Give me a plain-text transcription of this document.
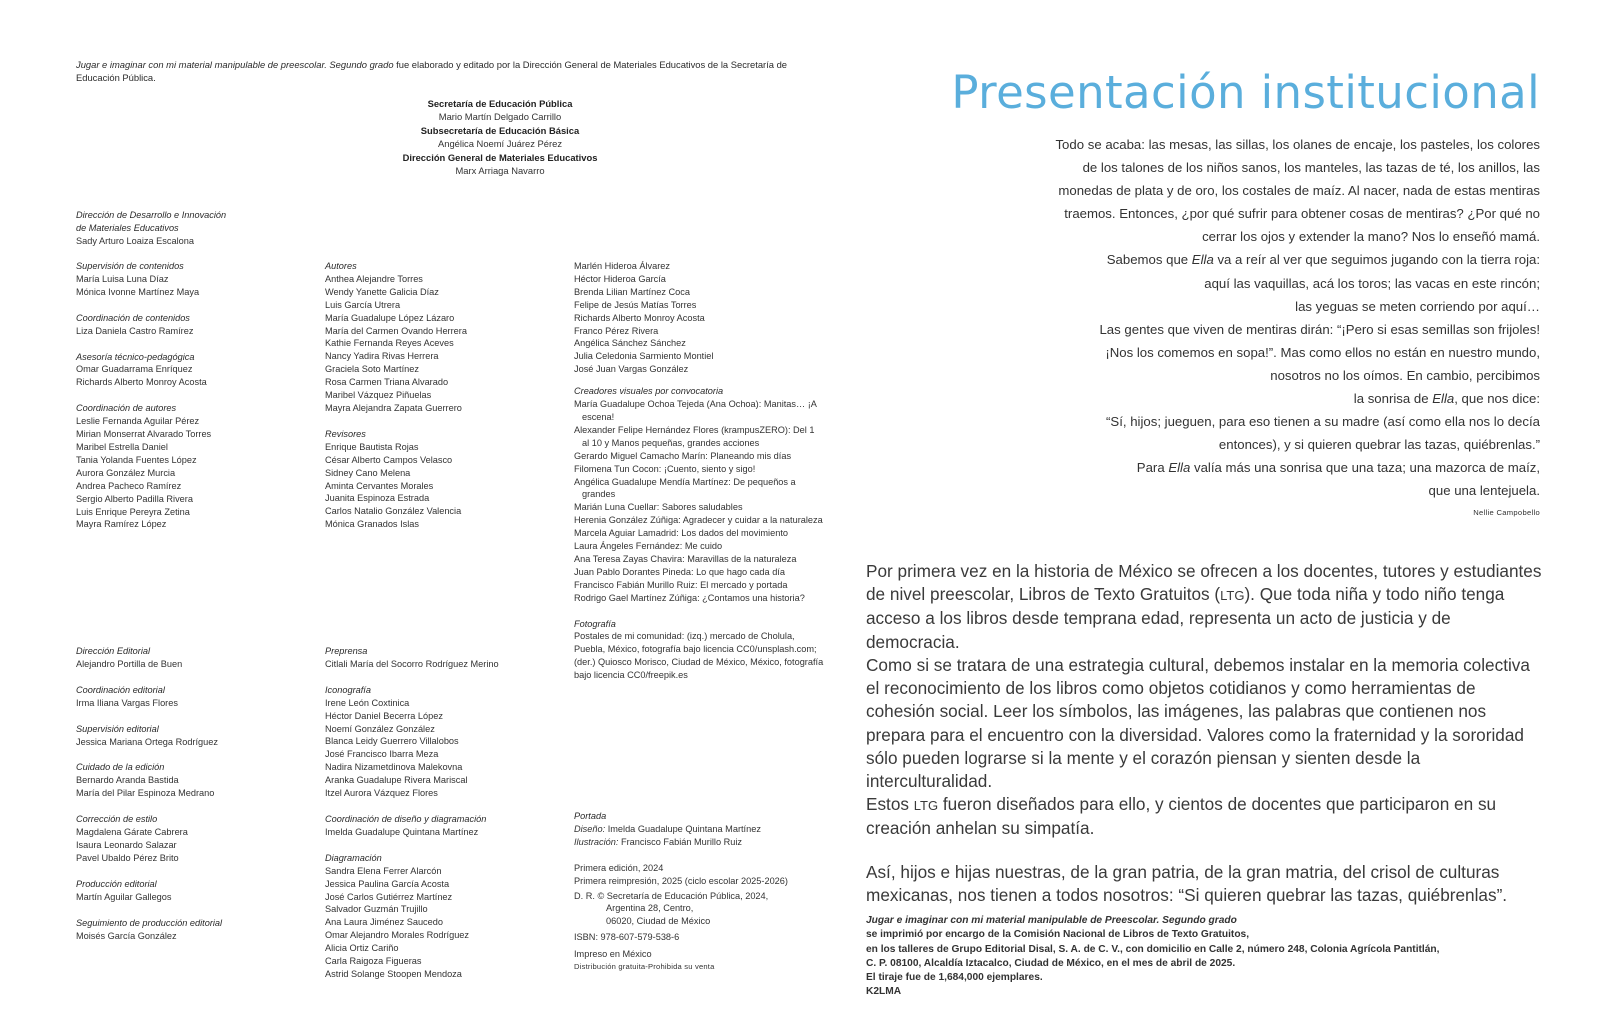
Jugar e imaginar con mi material manipulable de preescolar. Segundo grado fue elaborado y editado por la Dirección General de Materiales Educativos de la Secretaría de Educación Pública.
Secretaría de Educación Pública
Mario Martín Delgado Carrillo
Subsecretaría de Educación Básica
Angélica Noemí Juárez Pérez
Dirección General de Materiales Educativos
Marx Arriaga Navarro
Dirección de Desarrollo e Innovación
de Materiales Educativos
Sady Arturo Loaiza Escalona
Supervisión de contenidos
María Luisa Luna Díaz
Mónica Ivonne Martínez Maya
Coordinación de contenidos
Liza Daniela Castro Ramírez
Asesoría técnico-pedagógica
Omar Guadarrama Enríquez
Richards Alberto Monroy Acosta
Coordinación de autores
Leslie Fernanda Aguilar Pérez
Mirian Monserrat Alvarado Torres
Maribel Estrella Daniel
Tania Yolanda Fuentes López
Aurora González Murcia
Andrea Pacheco Ramírez
Sergio Alberto Padilla Rivera
Luis Enrique Pereyra Zetina
Mayra Ramírez López
Autores
Anthea Alejandre Torres
Wendy Yanette Galicia Díaz
Luis García Utrera
María Guadalupe López Lázaro
María del Carmen Ovando Herrera
Kathie Fernanda Reyes Aceves
Nancy Yadira Rivas Herrera
Graciela Soto Martínez
Rosa Carmen Triana Alvarado
Maribel Vázquez Piñuelas
Mayra Alejandra Zapata Guerrero
Revisores
Enrique Bautista Rojas
César Alberto Campos Velasco
Sidney Cano Melena
Aminta Cervantes Morales
Juanita Espinoza Estrada
Carlos Natalio González Valencia
Mónica Granados Islas
Marlén Hideroa Álvarez
Héctor Hideroa García
Brenda Lilian Martínez Coca
Felipe de Jesús Matías Torres
Richards Alberto Monroy Acosta
Franco Pérez Rivera
Angélica Sánchez Sánchez
Julia Celedonia Sarmiento Montiel
José Juan Vargas González
Creadores visuales por convocatoria
María Guadalupe Ochoa Tejeda (Ana Ochoa): Manitas… ¡A escena!
Alexander Felipe Hernández Flores (krampusZERO): Del 1 al 10 y Manos pequeñas, grandes acciones
Gerardo Miguel Camacho Marín: Planeando mis días
Filomena Tun Cocon: ¡Cuento, siento y sigo!
Angélica Guadalupe Mendía Martínez: De pequeños a grandes
Marián Luna Cuellar: Sabores saludables
Herenia González Zúñiga: Agradecer y cuidar a la naturaleza
Marcela Aguiar Lamadrid: Los dados del movimiento
Laura Ángeles Fernández: Me cuido
Ana Teresa Zayas Chavira: Maravillas de la naturaleza
Juan Pablo Dorantes Pineda: Lo que hago cada día
Francisco Fabián Murillo Ruiz: El mercado y portada
Rodrigo Gael Martínez Zúñiga: ¿Contamos una historia?
Fotografía
Postales de mi comunidad: (izq.) mercado de Cholula, Puebla, México, fotografía bajo licencia CC0/unsplash.com; (der.) Quiosco Morisco, Ciudad de México, México, fotografía bajo licencia CC0/freepik.es
Dirección Editorial
Alejandro Portilla de Buen
Coordinación editorial
Irma Iliana Vargas Flores
Supervisión editorial
Jessica Mariana Ortega Rodríguez
Cuidado de la edición
Bernardo Aranda Bastida
María del Pilar Espinoza Medrano
Corrección de estilo
Magdalena Gárate Cabrera
Isaura Leonardo Salazar
Pavel Ubaldo Pérez Brito
Producción editorial
Martín Aguilar Gallegos
Seguimiento de producción editorial
Moisés García González
Preprensa
Citlali María del Socorro Rodríguez Merino
Iconografía
Irene León Coxtinica
Héctor Daniel Becerra López
Noemí González González
Blanca Leidy Guerrero Villalobos
José Francisco Ibarra Meza
Nadira Nizametdinova Malekovna
Aranka Guadalupe Rivera Mariscal
Itzel Aurora Vázquez Flores
Coordinación de diseño y diagramación
Imelda Guadalupe Quintana Martínez
Diagramación
Sandra Elena Ferrer Alarcón
Jessica Paulina García Acosta
José Carlos Gutiérrez Martínez
Salvador Guzmán Trujillo
Ana Laura Jiménez Saucedo
Omar Alejandro Morales Rodríguez
Alicia Ortiz Cariño
Carla Raigoza Figueras
Astrid Solange Stoopen Mendoza
Portada
Diseño: Imelda Guadalupe Quintana Martínez
Ilustración: Francisco Fabián Murillo Ruiz
Primera edición, 2024
Primera reimpresión, 2025 (ciclo escolar 2025-2026)
D. R. © Secretaría de Educación Pública, 2024,
Argentina 28, Centro,
06020, Ciudad de México
ISBN: 978-607-579-538-6
Impreso en México
Distribución gratuita-Prohibida su venta
Presentación institucional
Todo se acaba: las mesas, las sillas, los olanes de encaje, los pasteles, los colores
de los talones de los niños sanos, los manteles, las tazas de té, los anillos, las
monedas de plata y de oro, los costales de maíz. Al nacer, nada de estas mentiras
traemos. Entonces, ¿por qué sufrir para obtener cosas de mentiras? ¿Por qué no
cerrar los ojos y extender la mano? Nos lo enseñó mamá.
Sabemos que Ella va a reír al ver que seguimos jugando con la tierra roja:
aquí las vaquillas, acá los toros; las vacas en este rincón;
las yeguas se meten corriendo por aquí…
Las gentes que viven de mentiras dirán: “¡Pero si esas semillas son frijoles!
¡Nos los comemos en sopa!”. Mas como ellos no están en nuestro mundo,
nosotros no los oímos. En cambio, percibimos
la sonrisa de Ella, que nos dice:
“Sí, hijos; jueguen, para eso tienen a su madre (así como ella nos lo decía
entonces), y si quieren quebrar las tazas, quiébrenlas.”
Para Ella valía más una sonrisa que una taza; una mazorca de maíz,
que una lentejuela.
Nellie Campobello
Por primera vez en la historia de México se ofrecen a los docentes, tutores y estudiantes de nivel preescolar, Libros de Texto Gratuitos (LTG). Que toda niña y todo niño tenga acceso a los libros desde temprana edad, representa un acto de justicia y de democracia.
Como si se tratara de una estrategia cultural, debemos instalar en la memoria colectiva el reconocimiento de los libros como objetos cotidianos y como herramientas de cohesión social. Leer los símbolos, las imágenes, las palabras que contienen nos prepara para el encuentro con la diversidad. Valores como la fraternidad y la sororidad sólo pueden lograrse si la mente y el corazón piensan y sienten desde la interculturalidad.
Estos LTG fueron diseñados para ello, y cientos de docentes que participaron en su creación anhelan su simpatía.
Así, hijos e hijas nuestras, de la gran patria, de la gran matria, del crisol de culturas mexicanas, nos tienen a todos nosotros: “Si quieren quebrar las tazas, quiébrenlas”.
Jugar e imaginar con mi material manipulable de Preescolar. Segundo grado
se imprimió por encargo de la Comisión Nacional de Libros de Texto Gratuitos,
en los talleres de Grupo Editorial Disal, S. A. de C. V., con domicilio en Calle 2, número 248, Colonia Agrícola Pantitlán,
C. P. 08100, Alcaldía Iztacalco, Ciudad de México, en el mes de abril de 2025.
El tiraje fue de 1,684,000 ejemplares.
K2LMA
